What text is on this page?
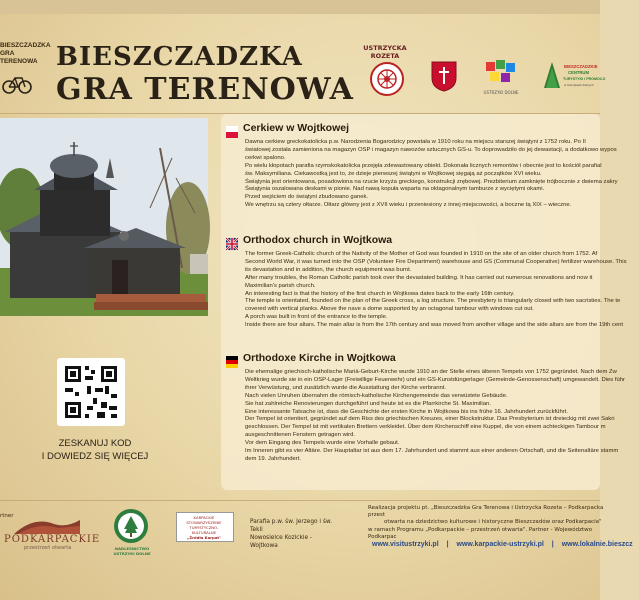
BIESZCZADZKA
GRA
TERENOWA BIESZCZADZKA
GRA TERENOWA
USTRZYCKA
ROZETA
USTRZYKI DOLNE
BIESZCZADZKIE
CENTRUM
TURYSTYKI I PROMOCJI
w Ustrzykach Dolnych
ZESKANUJ KOD
I DOWIEDZ SIĘ WIĘCEJ
Cerkiew w Wojtkowej

Dawna cerkiew greckokatolicka p.w. Narodzenia Bogarodzicy powstała w 1910 roku na miejscu starszej świątyni z 1752 roku. Po II

światowej została zamieniona na magazyn OSP i magazyn nawozów sztucznych GS-u. To doprowadziło do jej dewastacji, a dodatkowo wypos

cerkwi spalono.

Po wielu kłopotach parafia rzymskokatolicka przejęła zdewastowany obiekt. Dokonała licznych remontów i obecnie jest to kościół parafial

św. Maksymiliana. Ciekawostką jest to, że dzieje pierwszej świątyni w Wojtkowej sięgają aż początków XVI wieku.

Świątynia jest orientowana, posadowiona na rzucie krzyża greckiego, konstrukcji zrębowej. Prezbiterium zamknięte trójbocznie z dwiema zakry

Świątynia oszalowana deskami w pionie. Nad nawą kopuła wsparta na oktagonalnym tamburze z wyciętymi okami.

Przed wejściem do świątyni zbudowano ganek.

We wnętrzu są cztery ołtarze. Ołtarz główny jest z XVII wieku i przeniesiony z innej miejscowości, a boczne tą XIX – wieczne.

Orthodox church in Wojtkowa

The former Greek-Catholic church of the Nativity of the Mother of God was founded in 1910 on the site of an older church from 1752. Af

Second World War, it was turned into the OSP (Volunteer Fire Department) warehouse and GS (Communal Cooperative) fertilizer warehouse. This

its devastation and in addition, the church equipment was burnt.

After many troubles, the Roman Catholic parish took over the devastated building. It has carried out numerous renovations and now it

Maximilian's parish church.

An interesting fact is that the history of the first church in Wojtkowa dates back to the early 16th century.

The temple is orientated, founded on the plan of the Greek cross, a log structure. The presbytery is triangularly closed with two sacristies. The te

covered with vertical planks. Above the nave a dome supported by an octagonal tambour with windows cut out.

A porch was built in front of the entrance to the temple.

Inside there are four altars. The main altar is from the 17th century and was moved from another village and the side altars are from the 19th cent

Orthodoxe Kirche in Wojtkowa

Die ehemalige griechisch-katholische Mariä-Geburt-Kirche wurde 1910 an der Stelle eines älteren Tempels von 1752 gegründet. Nach dem Zw

Weltkrieg wurde sie in ein OSP-Lager (Freiwillige Feuerwehr) und ein GS-Kunstdüngerlager (Gemeinde-Genossenschaft) umgewandelt. Dies führ

ihrer Verwüstung, und zusätzlich wurde die Ausstattung der Kirche verbrannt.

Nach vielen Unruhen übernahm die römisch-katholische Kirchengemeinde das verwüstete Gebäude.

Sie hat zahlreiche Renovierungen durchgeführt und heute ist es die Pfarrkirche St. Maximilian.

Eine interessante Tatsache ist, dass die Geschichte der ersten Kirche in Wojtkowa bis ins frühe 16. Jahrhundert zurückführt.

Der Tempel ist orientiert, gegründet auf dem Riss des griechischen Kreuzes, einer Blockstruktur. Das Presbyterium ist dreieckig mit zwei Sakri

geschlossen. Der Tempel ist mit vertikalen Brettern verkleidet. Über dem Kirchenschiff eine Kuppel, die von einem achteckigen Tambour m

ausgeschnittenen Fenstern getragen wird.

Vor dem Eingang des Tempels wurde eine Vorhalle gebaut.

Im Inneren gibt es vier Altäre. Der Hauptaltar ist aus dem 17. Jahrhundert und stammt aus einer anderen Ortschaft, und die Seitenaltäre stamm

dem 19. Jahrhundert.

rtner
PODKARPACKIE
przestrzeń otwarta	NADLEŚNICTWO
USTRZYKI DOLNE
KARPACKIE STOWARZYSZENIE
TURYSTYCZNO-KULTURALNE
„Źródła Karpat"
Parafia p.w. św. Jerzego i św. Tekli
Nowosielce Kozickie - Wojtkowa
Realizacja projektu pt. „Bieszczadzka Gra Terenowa i Ustrzycka Rozeta – Podkarpacka przest
otwarta na dziedzictwo kulturowe i historyczne Bieszczadów oraz Podkarpacia"
w ramach Programu „Podkarpackie – przestrzeń otwarta". Partner - Województwo Podkarpac
www.visitustrzyki.pl | www.karpackie-ustrzyki.pl | www.lokalnie.bieszcz
